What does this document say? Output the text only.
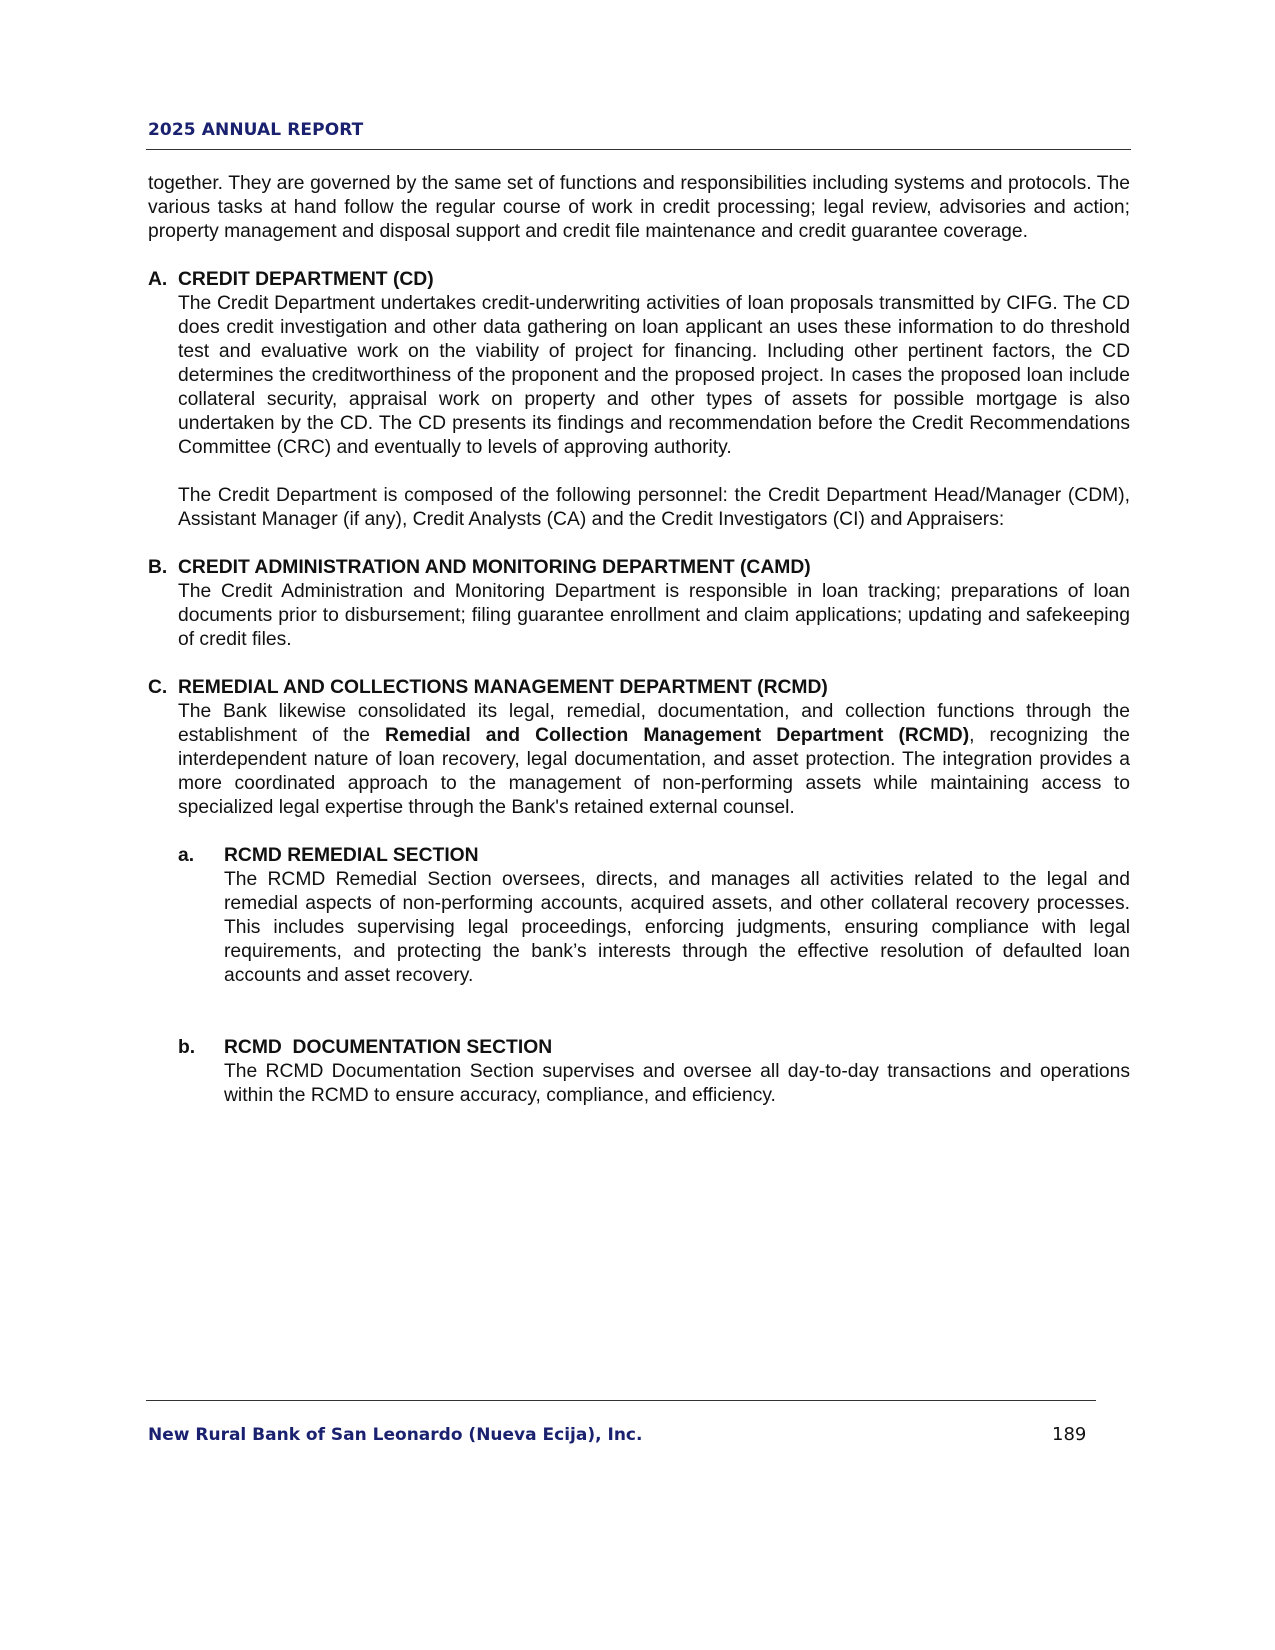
2025 ANNUAL REPORT

together. They are governed by the same set of functions and responsibilities including systems and protocols. The various tasks at hand follow the regular course of work in credit processing; legal review, advisories and action; property management and disposal support and credit file maintenance and credit guarantee coverage.

A. CREDIT DEPARTMENT (CD)

The Credit Department undertakes credit-underwriting activities of loan proposals transmitted by CIFG. The CD does credit investigation and other data gathering on loan applicant an uses these information to do threshold test and evaluative work on the viability of project for financing. Including other pertinent factors, the CD determines the creditworthiness of the proponent and the proposed project. In cases the proposed loan include collateral security, appraisal work on property and other types of assets for possible mortgage is also undertaken by the CD. The CD presents its findings and recommendation before the Credit Recommendations Committee (CRC) and eventually to levels of approving authority.

The Credit Department is composed of the following personnel: the Credit Department Head/Manager (CDM), Assistant Manager (if any), Credit Analysts (CA) and the Credit Investigators (CI) and Appraisers:

B. CREDIT ADMINISTRATION AND MONITORING DEPARTMENT (CAMD)

The Credit Administration and Monitoring Department is responsible in loan tracking; preparations of loan documents prior to disbursement; filing guarantee enrollment and claim applications; updating and safekeeping of credit files.

C. REMEDIAL AND COLLECTIONS MANAGEMENT DEPARTMENT (RCMD)

The Bank likewise consolidated its legal, remedial, documentation, and collection functions through the establishment of the Remedial and Collection Management Department (RCMD), recognizing the interdependent nature of loan recovery, legal documentation, and asset protection. The integration provides a more coordinated approach to the management of non-performing assets while maintaining access to specialized legal expertise through the Bank's retained external counsel.

a. RCMD REMEDIAL SECTION

The RCMD Remedial Section oversees, directs, and manages all activities related to the legal and remedial aspects of non-performing accounts, acquired assets, and other collateral recovery processes. This includes supervising legal proceedings, enforcing judgments, ensuring compliance with legal requirements, and protecting the bank’s interests through the effective resolution of defaulted loan accounts and asset recovery.

b. RCMD  DOCUMENTATION SECTION

The RCMD Documentation Section supervises and oversee all day-to-day transactions and operations within the RCMD to ensure accuracy, compliance, and efficiency.

New Rural Bank of San Leonardo (Nueva Ecija), Inc.	189
